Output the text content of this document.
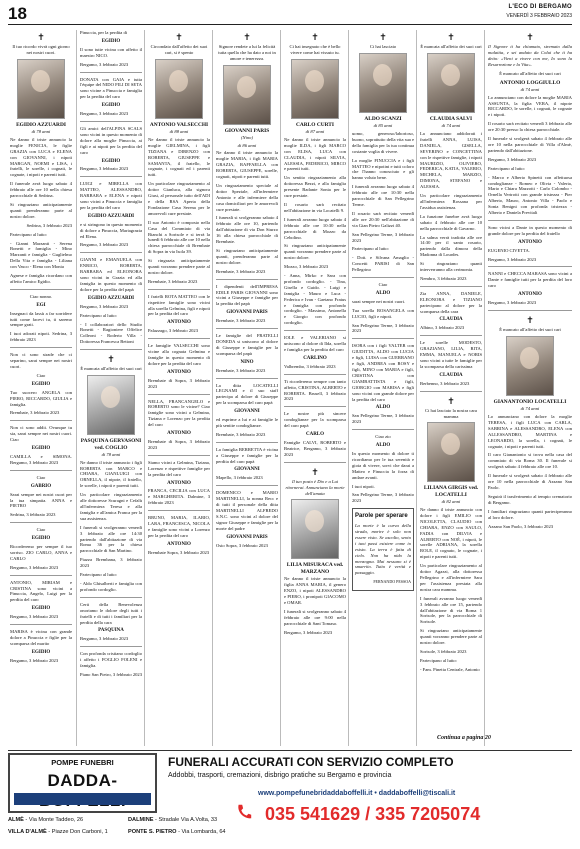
18	L'ECO DI BERGAMO
VENERDÌ 3 FEBBRAIO 2023
✝

Il tuo ricordo vivrà ogni giorno nei nostri cuori.

EGIDIO AZZUARDI
di 78 anni

Ne danno il triste annuncio la moglie FENICIA, le figlie GRAZIA con LUCA e ELENA con GIOVANNI, i nipoti MARGAN, NOEMI e LISA, i fratelli, le sorelle, i cognati, le cognate, i nipoti e parenti tutti.

Il funerale avrà luogo sabato 4 febbraio alle ore 10 nella chiesa parrocchiale di Sedrina.

Si ringraziano anticipatamente quanti prenderanno parte al nostro dolore.

Sedrina, 3 febbraio 2023

Partecipano al lutto:

- Gianni Marzanti - Serena Bonetti e famiglia - Mino Marzanti e famiglia - Guglielmo Della Vita e famiglia - Liliana con Vasco - Elena con Monia

Agnese e famiglia ricordano con affetto l'amico Egidio.

Ciao nonno.

EGI

Insegnaci da lassù a far sorridere tutti come facevi tu, ti saremo sempre grati.

I tuoi adorati nipoti. Sedrina, 3 febbraio 2023

Non ci sono strade che ci separino, sarai sempre nei nostri cuori.

Ciao

EGIDIO

Tuo suocero ANGELA con PIERO, RICCARDO, GIULIA e famiglia.

Brembate, 3 febbraio 2023

Non ci sono addii. Ovunque tu sia, sarai sempre nei nostri cuori. Ciao

EGIDIO

CAMILLA e SIMONA. Bergamo, 3 febbraio 2023

Ciao

GABRIO

Sarai sempre nei nostri cuori per la tua simpatia. ANNA e PIETRO

Sedrina, 3 febbraio 2023

Ciao

EGIDIO

Ricorderemo per sempre il tuo sorriso. ZIO CARLO, ANNA e CARLO

Bergamo, 3 febbraio 2023

ANTONIO, MIRIAM e CRISTINA sono vicini a Pinuccia, Angelo, Luigi per la perdita del caro

EGIDIO

Bergamo, 3 febbraio 2023

MARISA è vicina con grande dolore a Pinuccia e figlie per la scomparsa del marito

EGIDIO

Bergamo, 3 febbraio 2023

Pinuccia, per la perdita di

EGIDIO

Il sono tutte vicina con affetto il maestro NICO.

Bergamo, 3 febbraio 2023

DONATA con GAIA e tutta l'équipe del NIDO FILI DI SETA sono vicine a Pinuccia e famiglia per la perdita del caro

EGIDIO

Bergamo, 3 febbraio 2023

Gli amici dell'ALPINA SCALS sono vicini in questo momento di dolore alla moglie Pinuccia, ai figli e ai nipoti per la perdita del caro

EGIDIO

Bergamo, 3 febbraio 2023

LUIGI e MIRELLA con MATTEO, ALESSANDRO, BARBARA e ELENA e nipoti sono vicini a Pinuccia e famiglia per la perdita del caro

EGIDIO AZZUARDI

e si stringono in questo momento di dolore a Pinuccia, Mariagrazia ed Elena.

Bergamo, 3 febbraio 2023

GIANNI e EMANUELA con ENRICO, ROBERTA, BARBARA ed ELEONORA sono vicini in Grazia ed alla famiglia in questo momento di dolore per la perdita del papà

EGIDIO AZZUARDI

Bergamo, 3 febbraio 2023

Partecipano al lutto:

- I collaboratori dello Studio Bonetti - Ragioniere Offelice Colleoni - Roderto Villa - Dottoressa Francesca Bettoni

✝

È mancata all'affetto dei suoi cari

PASQUINA GERVASONI ved. COGLIO
di 78 anni

Ne danno il triste annuncio i figli ROBERTA con MARCO e CHIARA, GIANLUIGI con ORNELLA, il nipote, il fratello, le sorelle, i nipoti e parenti tutti.

Un particolare ringraziamento alle dottoresse Scuragni e Cefalù all'infermiera Teresa e alla famiglia e all'amica Franca per la sua assistenza.

I funerali si svolgeranno venerdì 3 febbraio alle ore 14:30 partendo dall'abitazione di via Roma 36 per la chiesa parrocchiale di San Martino.

Piazza Brembana, 3 febbraio 2023

Partecipano al lutto:

- Aldo Ghisalberti e famiglia con profondo cordoglio.

Certi della Benevolenza onoriamo le dolore degli tutti i fratelli e di tutti i familiari per la perdita della cara

PASQUINA

Bergamo, 3 febbraio 2023

Con profonda cristiano cordoglio i affetto i FOGLIO FOLENI e famiglia.

Piano San Pietro, 3 febbraio 2023

✝

Circondato dall'affetto dei suoi cari, si è spento

ANTONIO VALSECCHI
di 88 anni

Ne danno il triste annuncio la moglie GIELMINA, i figli TIZIANA e DIRENZO con ROBERTA, GIUSEPPE e SAMANTA, il fratello, le cognate, i cognati ed i parenti tutti.

Un particolare ringraziamento al dottor Gianluca, alla signora Giusi, al personale tutto dell'ADI e della RSA Aperta della Fondazione Casa Serena per le amorevoli cure prestate.

Il suo Antonio è composto nella Casa del Commiato di via Bianchi a Sorisole e si terrà la lunedì 6 febbraio alle ore 10 nella chiesa parrocchiale di Brembate di Sopra in via Isola 39.

Si ringrazia anticipatamente quanti vorranno prendere parte al nostro dolore.

Brembate, 3 febbraio 2023

I fratelli ROTA MATTEO con le rispettive famiglie sono vicini alla sorella Gelmina, figli e nipoti per la perdita del caro

ANTONIO

Palazzago, 3 febbraio 2023

Le famiglie VALSECCHI sono vicine alla cognata Gelmina e famiglie in questo momento di dolore per la perdita del caro

ANTONIO

Brembate di Sopra, 3 febbraio 2023

NELLA, FRANCANGELO e ROBERTO sono le vicine? Ciao famiglie sono vicini a Gelmina, Tiziana e Lorenzo per la perdita del caro

ANTONIO

Brembate di Sopra, 3 febbraio 2023

Siamo vicini a Gelmina, Tiziana, Lorenzo e rispettive famiglie per la perdita del caro

ANTONIO

FRANCA, CECILIA con LUCA e MARGHERITA. Dalmine, 3 febbraio 2023

BRUNO, MARIA, ILARIO, LARA, FRANCESCA, NICOLA e famiglie sono vicini a Lorenzo per la perdita del caro

ANTONIO

Brembate Sopra, 3 febbraio 2023

✝

Signore rendete a lui la felicità tutta quella che ha dato a noi in amore e tenerezza.

GIOVANNI PARIS
(Nino)
di 86 anni

Ne danno il triste annuncio la moglie MARIA, i figli MARIA GRAZIA, RAFFAELLA con ROBERTA, GIUSEPPE, sorelle, cognati, nipoti e parenti tutti.

Un ringraziamento speciale al dottor Speziale, all'infermiere Antonio e alle infermiere della casa domiciliari per le amorevoli cure prestate.

I funerali si svolgeranno sabato 4 febbraio alle ore 10, partendo dall'abitazione di via Don Sturzo 16 alla chiesa parrocchiale di Brembate.

Si ringraziano anticipatamente quanti, prenderanno parte al nostro dolore.

Brembate, 3 febbraio 2023

I dipendenti dell'IMPRESA EDILE PARIS GIOVANNI sono vicini a Giuseppe e famiglie per la perdita del papà

GIOVANNI PARIS

Brembate, 3 febbraio 2023

Le famiglie del FRATELLI DONEDA si uniscono al dolore di Giuseppe e famiglie per la scomparsa del papà

NINO

Brembate, 3 febbraio 2023

La ditta LOCATELLI LEGNAMI e il suo staff partecipa al dolore di Giuseppe per la scomparsa del caro papà

GIOVANNI

ed esprime a lui e ai famiglie le più sentite condoglianze.

Brembate, 3 febbraio 2023

La famiglia BERRETTA è vicina a Giuseppe e famiglie per la perdita del caro papà

GIOVANNI

Mapello, 3 febbraio 2023

DOMENICO e MARIO MARTINELLI, la nonna Recc e di tutti il personale della ditta MARTINELLI ALFREDO S.N.C. sono vicini al dolore del signor Giuseppe e famiglie per la morte del padre

GIOVANNI PARIS

Osio Sopra, 3 febbraio 2023

✝

Ci hai insegnato che è bello vivere come hai vissuto tu.

CARLO CURTI
di 87 anni

Ne danno il triste annuncio la moglie ILDA, i figli MARCO con ELISA, LUCA con CLAUDIA, i nipoti SILVIA, ALESSIA, FEDERICO, MIRCO e parenti tutti.

Un sentito ringraziamento alla dottoressa Bezzi, e alla famiglia presente Badante Sonia per le cure prestate.

Il rosario sarà recitato nell'abitazione in via Locatelli 9.

I funerali avranno luogo sabato 4 febbraio alle ore 10:30 nella parrocchiale di Mozzo da Cebolino.

Si ringraziano anticipatamente quanti vorranno prendere parte al nostro dolore.

Mozzo, 3 febbraio 2023

- Anna, Mirko e Sara con profondo cordoglio. - Tina, Gisella e Guido. - Luigi e famiglia - Mauro e Luca - Federica e Ivan - Gaetano Fratus e famiglia con profondo cordoglio. - Massimo, Antonella e Giorgio con profondo cordoglio.

IOLE e VALERIANO si uniscono al dolore di Ilda, sorella e famiglia per la perdita del caro

CARLINO

Valbrembo, 3 febbraio 2023

Ti ricorderemo sempre con tanto affetto, CRISTINA, ALBERTO e ROBERTA. Brusell, 3 febbraio 2023

Le nostre più sincere condoglianze per la scomparsa del caro papà

CARLO

Famiglie CALVI, ROBERTO e Beatrice, Bergamo, 3 febbraio 2023

✝

Il tuo posto è Dio e a Lui ritornerai. Annunciano la morte dell'amata

LILIA MISURACA ved. MARZANO

Ne danno il triste annuncio la figlia ANNA MARIA, il genero ENZO, i nipoti ALESSANDRO e PIERO, i pronipoti GIACOMO e OMAR.

I funerali si svolgeranno sabato 4 febbraio alle ore 9:00 nella parrocchiale di Sant Tomaso.

Bergamo, 3 febbraio 2023

✝

Ci hai lasciato

ALDO SCANZI
di 85 anni

uomo, generoso/laborioso, buono, soprattutto della vita sua e della famiglia per la tua continua costante voglia di vivere.

La moglie FINUCCIA e i figli MATTEO e nipotini e tutti coloro che l'hanno conosciuto e gli hanno voluto bene.

I funerali avranno luogo sabato 4 febbraio alle ore 10:30 nella parrocchiale di San Pellegrino Terme.

Il rosario sarà recitato venerdì alle ore 20:30 nell'abitazione di via Gian Pietro Galizzi 40.

San Pellegrino Terme, 3 febbraio 2023

Partecipano al lutto:

- Dott. e Silvana Amaglio - Concetti PARISI di San Pellegrino

Ciao

ALDO

sarai sempre nei nostri cuori.

Tua sorella ROSANGELA con LUCIO, figli e nipoti.

San Pellegrino Terme, 3 febbraio 2023

ISORA con i figli VALTER con GIUDITTA, ALDO con LUCIA e figli, LUISA con GUERRANO e figli, ANDREA con ROSY e figli, MINO con MARIA e figli, CRISTINA con GIAMBATTISTA e figli, GIORGIO con MARISA e figli sono vicini con grande dolore per la perdita del caro

ALDO

San Pellegrino Terme, 3 febbraio 2023

Ciao zio

ALDO

In questo momento di dolore ti ricordiamo per le tua serenità e gioia di vivere, sorvi che darai a Matteo e Finuccia la forza di andare avanti.

I tuoi nipoti.

San Pellegrino Terme, 3 febbraio 2023

Parole per sperare

La morte è la curva della strada, morire è solo non essere visto. Se ascolto, sento i tuoi passi esistere come io esisto. La terra è fatta di cielo. Non ha nido la menzogna. Mai nessuno si è smarrito. Tutto è verità e passaggio.

FERNANDO PESSOA

✝

È mancata all'affetto dei suoi cari

CLAUDIA SALVI
di 74 anni

La annunciano addolorati i fratelli ANNA, LUISA, DANIELA, GISELLA, SEVERINO e CONCETTINA con le rispettive famiglie, i nipoti MAURIZIO, OLIVIERO, FEDERICA, KATIA, VALERIO, MICHELA, MARZIO, DIMONA, STEFANO e ALESSIA.

Un particolare ringraziamento all'infermiera Rossana per l'assidua assistenza.

La funzione funebre avrà luogo sabato 4 febbraio alle ore 10 nella parrocchiale di Gavarno.

La salma verrà tradotta alle ore 14:30 per il santo rosario, partendo dalla dimora della Madonna di Lourdes.

Si ringraziano quanti interverranno alla cerimonia.

Nembro, 3 febbraio 2023

Zia ANNA, DANIELE, ELEONORA e TIZIANO partecipano al dolore per la scomparsa della cara

CLAUDIA

Albino, 3 febbraio 2023

Le sorelle MODESTO, GRAZIANO, LILIA, RITA, EMMA, MANUELA e NORIS sono vicini a tutte le famiglie per la scomparsa della carissima

CLAUDIA

Berbenno, 3 febbraio 2023

✝

Ci hai lasciato la nostra cara mamma

LILIANA GIRGIS ved. LOCATELLI
di 82 anni

Ne danno il triste annuncio con dolore i figli EMILIO con NICOLETTA, CLAUDIO con CHIARA, ENZO con SAULO, FADIA con DILVIA e ALBERTO con NOÈ, i nipoti, le sorelle ADRIANA, la sorella ROLE, il cognato, le cognate, i nipoti e parenti tutti.

Un particolare ringraziamento al dottor Agazzi, alla dottoressa Pellegrino e all'infermiere Sara per l'assistenza prestata alla nostra cara mamma.

I funerali avranno luogo venerdì 3 febbraio alle ore 15, partendo dall'abitazione di via Roma 1 Sorisole, per la parrocchiale di Sorisole.

Si ringraziano anticipatamente quanti vorranno prendere parte al nostro dolore.

Sorisole, 3 febbraio 2023

Partecipano al lutto:

- Fam. Pinetta Centrale, Antonio

✝

Il Signore ti ha chiamato, stremato dalla malattia, e sei andato da Colui che ti ha detto: «Vieni a vivere con me, Io sono la Resurrezione e la Vita».

È mancato all'affetto dei suoi cari

ANTONIO LOGGIULLO
di 74 anni

Lo annunciano con dolore la moglie MARIA ASSUNTA, la figlia VERA, il nipote RICCARDO, le sorelle, i cognati, le cognate e i nipoti.

Il rosario sarà recitato venerdì 3 febbraio alle ore 20:30 presso la chiesa parrocchiale.

Il funerale si svolgerà sabato 4 febbraio alle ore 10 nella parrocchiale di Villa d'Almè, partendo dall'abitazione.

Bergamo, 3 febbraio 2023

Partecipano al lutto:

- Marco e Alberto Spinetti con affettuosa condoglianze - Romeo e Olivia - Valeria, Mario e Chiara Mazzotti - Carlo Colombo - Ornella Vertrotti con grande tristezza - Pier Alberto, Mauro, Antonio Villa - Paolo e Sonia Benigni con profonda tristezza - Alberto e Daniela Previtali

Sono vicini a Dante in questo momento di grande dolore per la perdita del fratello

ANTONIO

EUGENIO CIVETTA.

Bergamo, 3 febbraio 2023

NANNI e CHECCA MARASA sono vicini a Dante e famiglie tutti per la perdita del loro caro

ANTONIO

Bergamo, 3 febbraio 2023

✝

È mancato all'affetto dei suoi cari

GIANANTONIO LOCATELLI
di 74 anni

Lo annunciano con dolore la moglie TERESA, i figli LUCA con CARLA, SABRINA e ALESSANDRO, ELENA con ALLESSANDRO, MARTINA e LEONARDO, la sorella, i cognati, le cognate, i nipoti e parenti tutti.

Il caro Gianantonio si trova nella casa del commiato di via Roma 30. Il funerale si svolgerà sabato 4 febbraio alle ore 10.

Il funerale si svolgerà sabato 4 febbraio alle ore 10 nella parrocchiale di Azzano San Paolo.

Seguirà il trasferimento al tempio crematorio di Bergamo.

I familiari ringraziano quanti parteciperanno al loro dolore.

Azzano San Paolo, 3 febbraio 2023

Continua a pagina 20
POMPE FUNEBRI
DADDA-
FUNERALI ACCURATI CON SERVIZIO COMPLETO
Addobbi, trasporti, cremazioni, disbrigo pratiche su Bergamo e provincia
ALMÈ - Via Monte Taddeo, 26
VILLA D'ALMÈ - Piazze Don Carboni, 1
DALMINE - Stradale Via A.Volta, 33
PONTE S. PIETRO - Via Lombarda, 64
www.pompefunebridaddaboffelli.it • daddaboffelli@tiscali.it
035 541629 / 335 7205074
